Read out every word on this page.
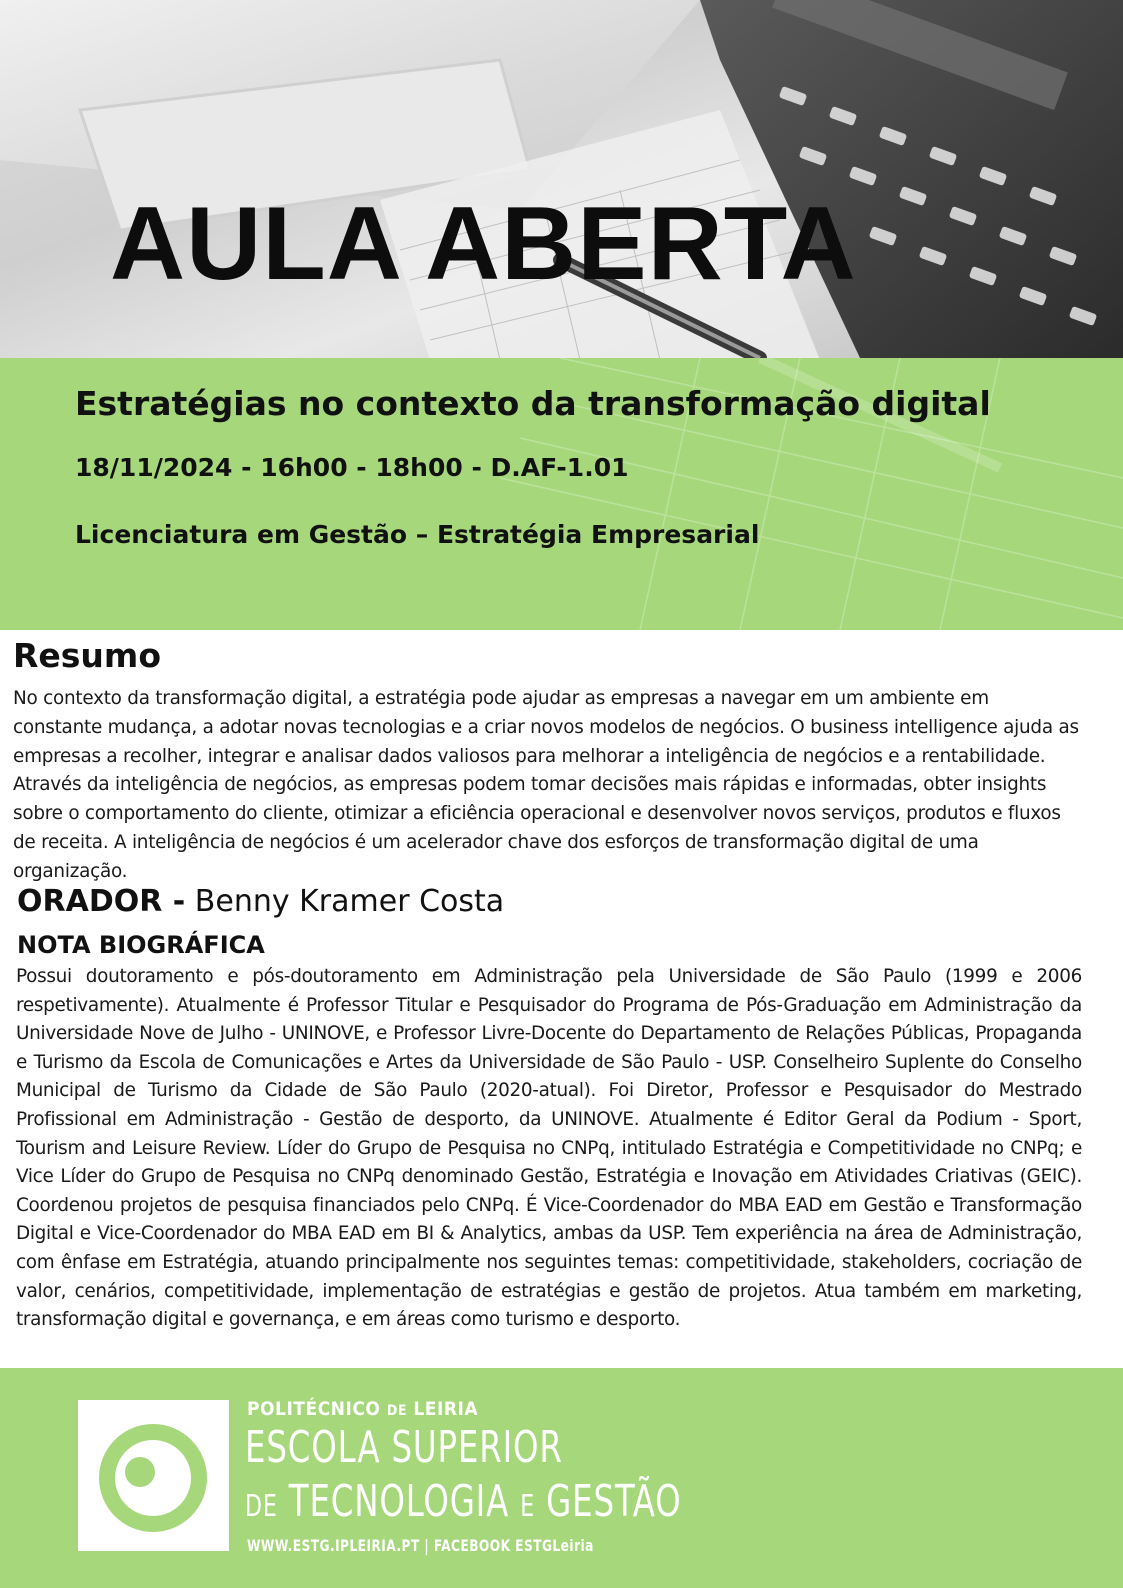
AULA ABERTA
Estratégias no contexto da transformação digital
18/11/2024 - 16h00 - 18h00 - D.AF-1.01
Licenciatura em Gestão – Estratégia Empresarial
Resumo

No contexto da transformação digital, a estratégia pode ajudar as empresas a navegar em um ambiente em constante mudança, a adotar novas tecnologias e a criar novos modelos de negócios. O business intelligence ajuda as empresas a recolher, integrar e analisar dados valiosos para melhorar a inteligência de negócios e a rentabilidade. Através da inteligência de negócios, as empresas podem tomar decisões mais rápidas e informadas, obter insights sobre o comportamento do cliente, otimizar a eficiência operacional e desenvolver novos serviços, produtos e fluxos de receita. A inteligência de negócios é um acelerador chave dos esforços de transformação digital de uma organização.

ORADOR - Benny Kramer Costa
NOTA BIOGRÁFICA

Possui doutoramento e pós-doutoramento em Administração pela Universidade de São Paulo (1999 e 2006 respetivamente). Atualmente é Professor Titular e Pesquisador do Programa de Pós-Graduação em Administração da Universidade Nove de Julho - UNINOVE, e Professor Livre-Docente do Departamento de Relações Públicas, Propaganda e Turismo da Escola de Comunicações e Artes da Universidade de São Paulo - USP. Conselheiro Suplente do Conselho Municipal de Turismo da Cidade de São Paulo (2020-atual). Foi Diretor, Professor e Pesquisador do Mestrado Profissional em Administração - Gestão de desporto, da UNINOVE. Atualmente é Editor Geral da Podium - Sport, Tourism and Leisure Review. Líder do Grupo de Pesquisa no CNPq, intitulado Estratégia e Competitividade no CNPq; e Vice Líder do Grupo de Pesquisa no CNPq denominado Gestão, Estratégia e Inovação em Atividades Criativas (GEIC). Coordenou projetos de pesquisa financiados pelo CNPq. É Vice-Coordenador do MBA EAD em Gestão e Transformação Digital e Vice-Coordenador do MBA EAD em BI & Analytics, ambas da USP. Tem experiência na área de Administração, com ênfase em Estratégia, atuando principalmente nos seguintes temas: competitividade, stakeholders, cocriação de valor, cenários, competitividade, implementação de estratégias e gestão de projetos. Atua também em marketing, transformação digital e governança, e em áreas como turismo e desporto.

POLITÉCNICO DE LEIRIA
ESCOLA SUPERIOR
DE TECNOLOGIA E GESTÃO
WWW.ESTG.IPLEIRIA.PT | FACEBOOK ESTGLeiria
